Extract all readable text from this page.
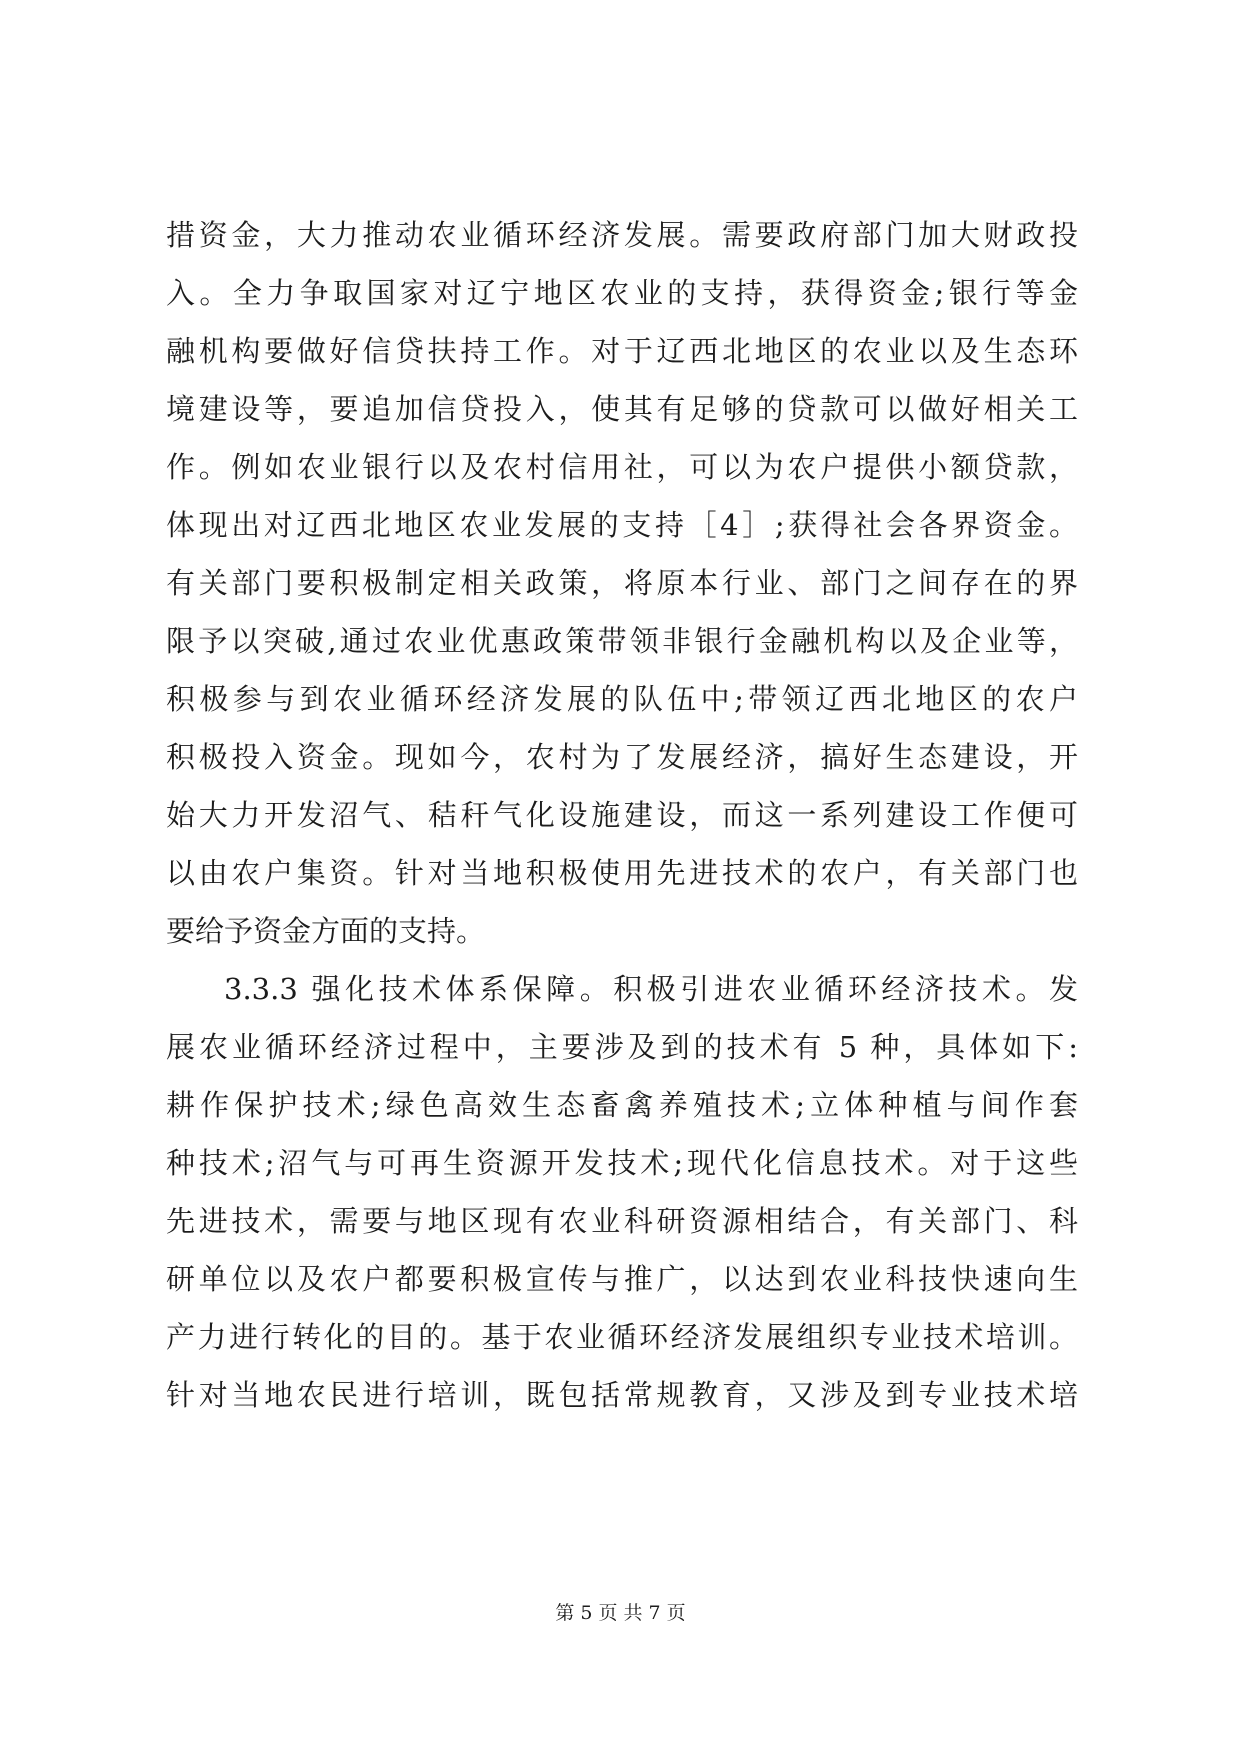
措资金，大力推动农业循环经济发展。需要政府部门加大财政投
入。全力争取国家对辽宁地区农业的支持，获得资金;银行等金
融机构要做好信贷扶持工作。对于辽西北地区的农业以及生态环
境建设等，要追加信贷投入，使其有足够的贷款可以做好相关工
作。例如农业银行以及农村信用社，可以为农户提供小额贷款，
体现出对辽西北地区农业发展的支持［4］;获得社会各界资金。
有关部门要积极制定相关政策，将原本行业、部门之间存在的界
限予以突破,通过农业优惠政策带领非银行金融机构以及企业等，
积极参与到农业循环经济发展的队伍中;带领辽西北地区的农户
积极投入资金。现如今，农村为了发展经济，搞好生态建设，开
始大力开发沼气、秸秆气化设施建设，而这一系列建设工作便可
以由农户集资。针对当地积极使用先进技术的农户，有关部门也
要给予资金方面的支持。
3.3.3 强化技术体系保障。积极引进农业循环经济技术。发
展农业循环经济过程中，主要涉及到的技术有 5 种，具体如下:
耕作保护技术;绿色高效生态畜禽养殖技术;立体种植与间作套
种技术;沼气与可再生资源开发技术;现代化信息技术。对于这些
先进技术，需要与地区现有农业科研资源相结合，有关部门、科
研单位以及农户都要积极宣传与推广，以达到农业科技快速向生
产力进行转化的目的。基于农业循环经济发展组织专业技术培训。
针对当地农民进行培训，既包括常规教育，又涉及到专业技术培
第 5 页 共 7 页
